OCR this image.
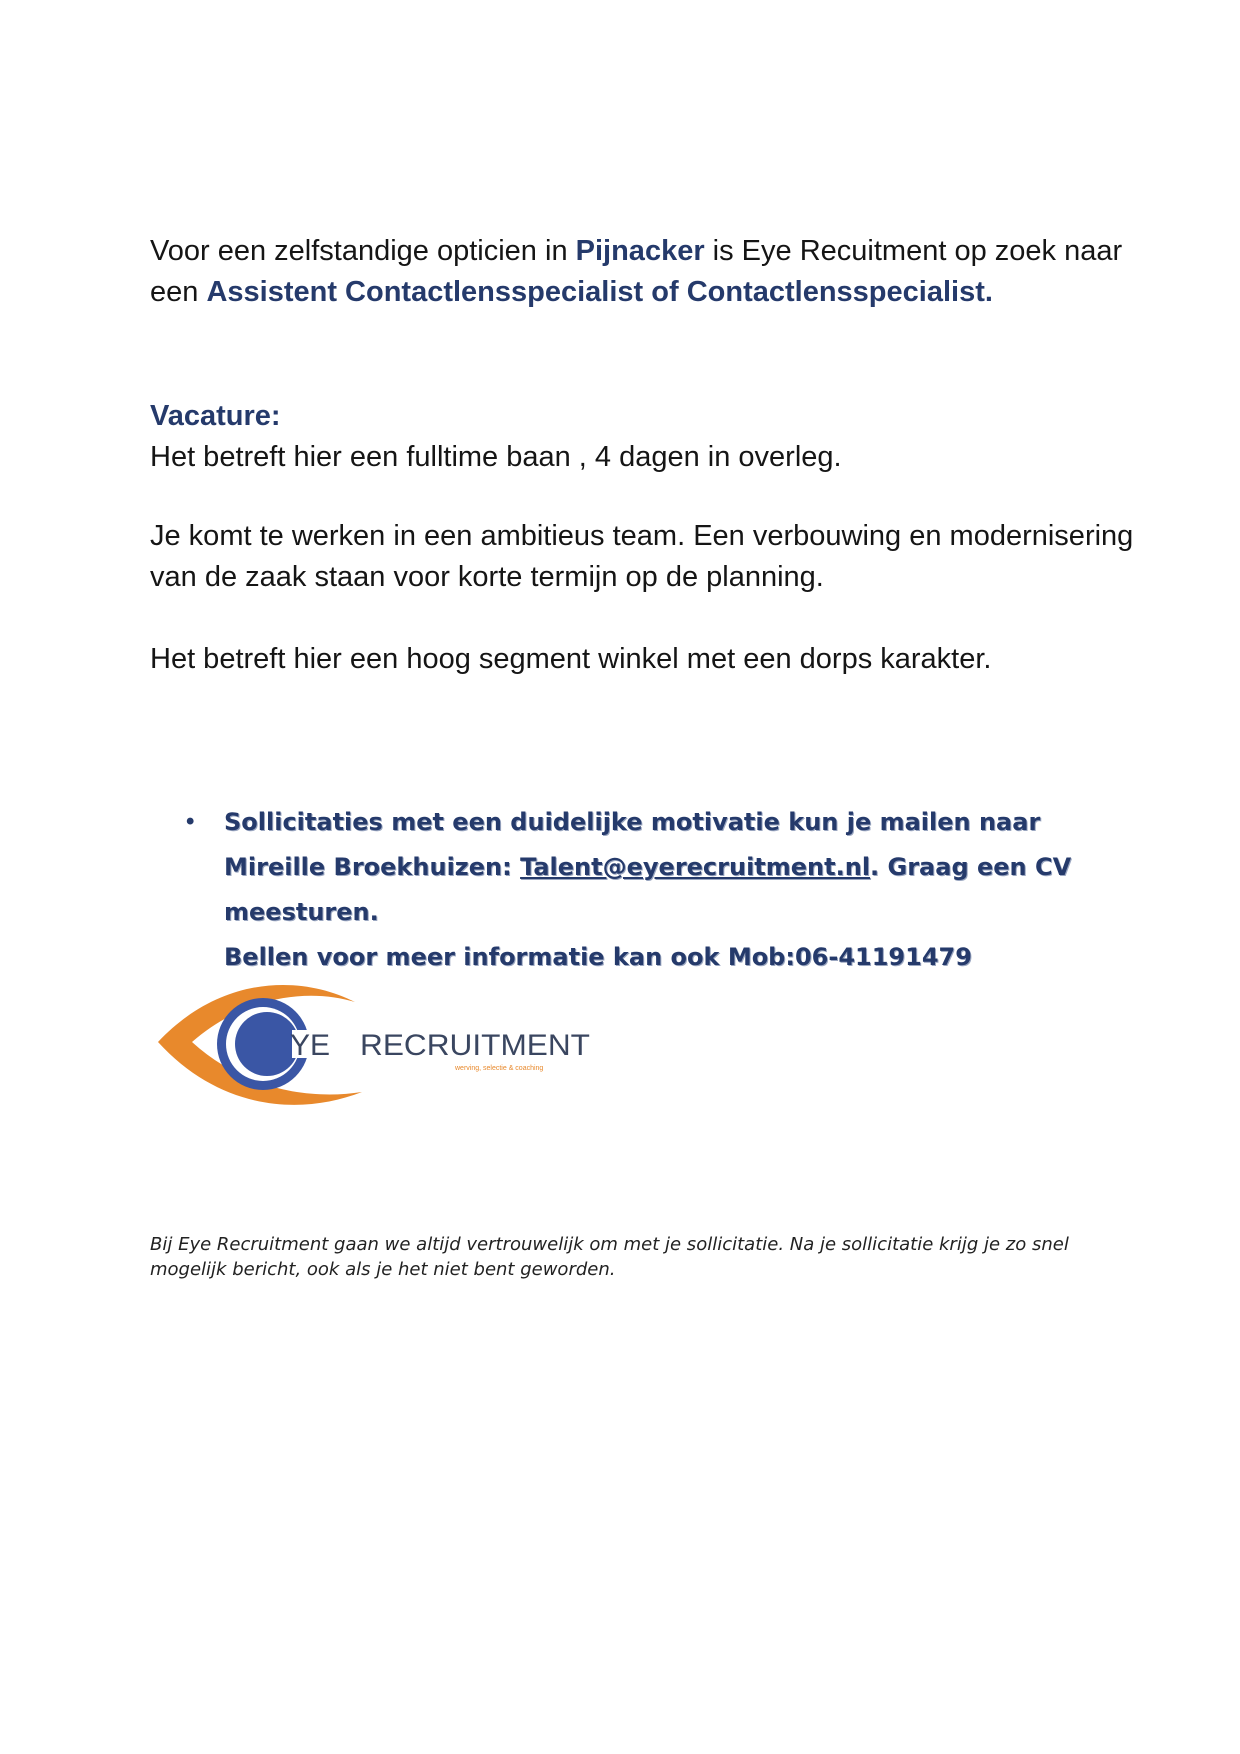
Voor een zelfstandige opticien in Pijnacker is Eye Recuitment op zoek naar een Assistent Contactlensspecialist of Contactlensspecialist.
Vacature:
Het betreft hier een fulltime baan , 4 dagen in overleg.
Je komt te werken in een ambitieus team. Een verbouwing en modernisering van de zaak staan voor korte termijn op de planning.
Het betreft hier een hoog segment winkel met een dorps karakter.
• Sollicitaties met een duidelijke motivatie kun je mailen naar Mireille Broekhuizen: Talent@eyerecruitment.nl. Graag een CV meesturen.
Bellen voor meer informatie kan ook Mob:06-41191479
YE RECRUITMENT
werving, selectie & coaching
Bij Eye Recruitment gaan we altijd vertrouwelijk om met je sollicitatie. Na je sollicitatie krijg je zo snel mogelijk bericht, ook als je het niet bent geworden.
